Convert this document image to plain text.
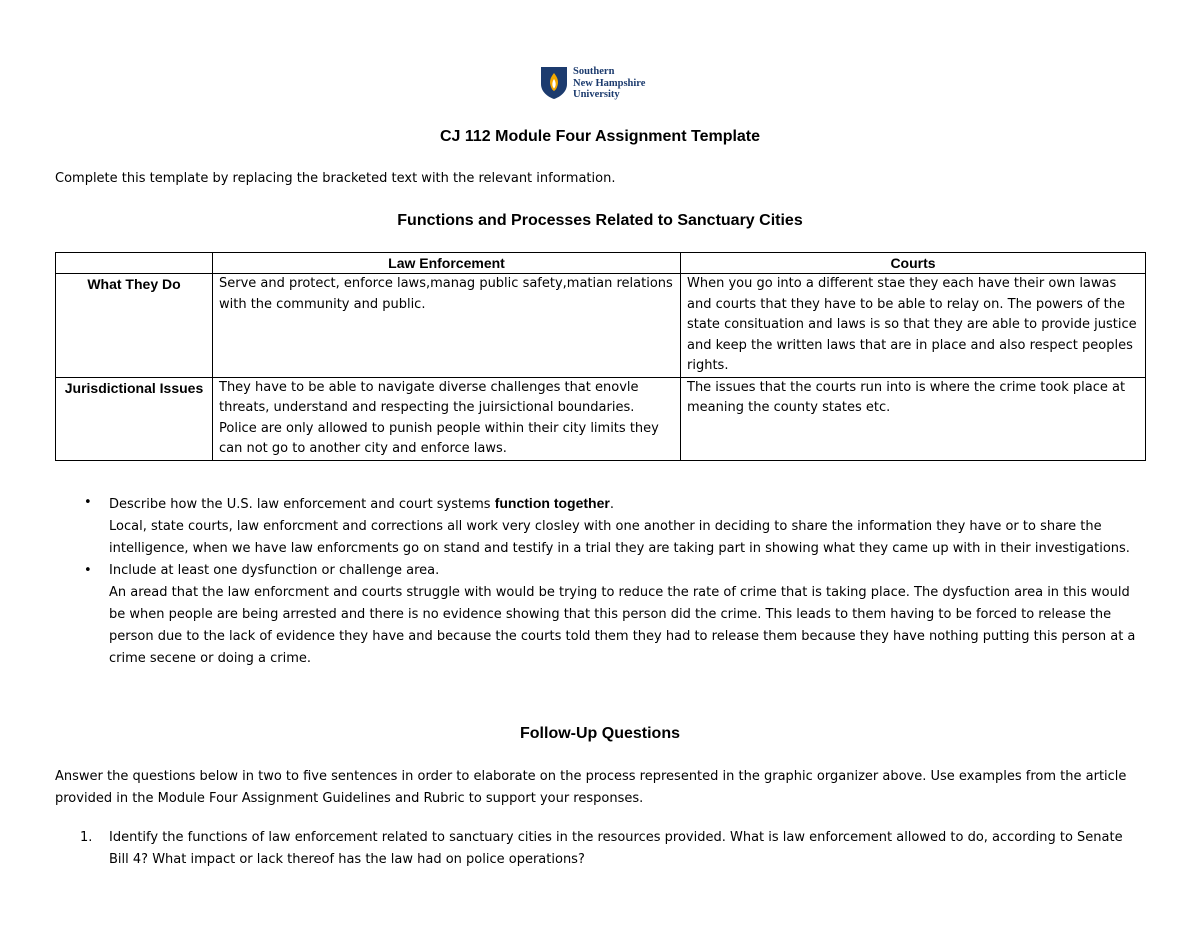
Southern
New Hampshire
University
CJ 112 Module Four Assignment Template
Complete this template by replacing the bracketed text with the relevant information.
Functions and Processes Related to Sanctuary Cities
	Law Enforcement	Courts
What They Do	Serve and protect, enforce laws,manag public safety,matian relations with the community and public.	When you go into a different stae they each have their own lawas and courts that they have to be able to relay on. The powers of the state consituation and laws is so that they are able to provide justice and keep the written laws that are in place and also respect peoples rights.
Jurisdictional Issues	They have to be able to navigate diverse challenges that enovle threats, understand and respecting the juirsictional boundaries. Police are only allowed to punish people within their city limits they can not go to another city and enforce laws.	The issues that the courts run into is where the crime took place at meaning the county states etc.
• Describe how the U.S. law enforcement and court systems function together.
Local, state courts, law enforcment and corrections all work very closley with one another in deciding to share the information they have or to share the intelligence, when we have law enforcments go on stand and testify in a trial they are taking part in showing what they came up with in their investigations.
• Include at least one dysfunction or challenge area.
An aread that the law enforcment and courts struggle with would be trying to reduce the rate of crime that is taking place. The dysfuction area in this would be when people are being arrested and there is no evidence showing that this person did the crime. This leads to them having to be forced to release the person due to the lack of evidence they have and because the courts told them they had to release them because they have nothing putting this person at a crime secene or doing a crime.
Follow-Up Questions
Answer the questions below in two to five sentences in order to elaborate on the process represented in the graphic organizer above. Use examples from the article provided in the Module Four Assignment Guidelines and Rubric to support your responses.
1. Identify the functions of law enforcement related to sanctuary cities in the resources provided. What is law enforcement allowed to do, according to Senate Bill 4? What impact or lack thereof has the law had on police operations?
